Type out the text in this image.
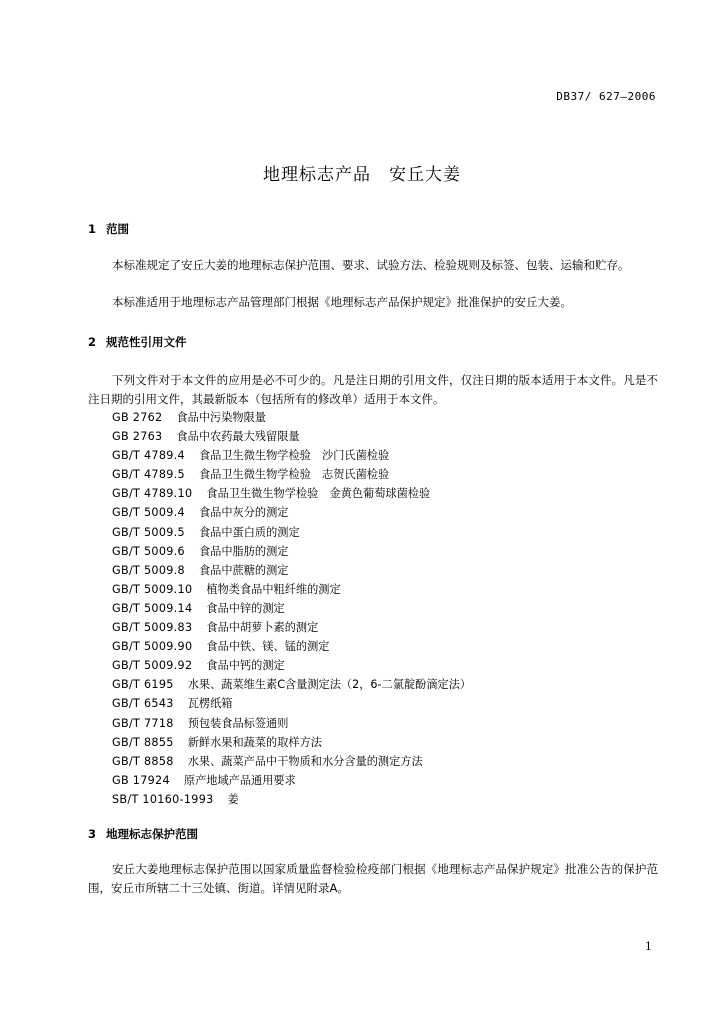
DB37/ 627—2006
地理标志产品　安丘大姜
1 范围
本标准规定了安丘大姜的地理标志保护范围、要求、试验方法、检验规则及标签、包装、运输和贮存。
本标准适用于地理标志产品管理部门根据《地理标志产品保护规定》批准保护的安丘大姜。
2 规范性引用文件
下列文件对于本文件的应用是必不可少的。凡是注日期的引用文件，仅注日期的版本适用于本文件。凡是不注日期的引用文件，其最新版本（包括所有的修改单）适用于本文件。
GB 2762 食品中污染物限量
GB 2763 食品中农药最大残留限量
GB/T 4789.4 食品卫生微生物学检验　沙门氏菌检验
GB/T 4789.5 食品卫生微生物学检验　志贺氏菌检验
GB/T 4789.10 食品卫生微生物学检验　金黄色葡萄球菌检验
GB/T 5009.4 食品中灰分的测定
GB/T 5009.5 食品中蛋白质的测定
GB/T 5009.6 食品中脂肪的测定
GB/T 5009.8 食品中蔗糖的测定
GB/T 5009.10 植物类食品中粗纤维的测定
GB/T 5009.14 食品中锌的测定
GB/T 5009.83 食品中胡萝卜素的测定
GB/T 5009.90 食品中铁、镁、锰的测定
GB/T 5009.92 食品中钙的测定
GB/T 6195 水果、蔬菜维生素C含量测定法（2，6-二氯靛酚滴定法）
GB/T 6543 瓦楞纸箱
GB/T 7718 预包装食品标签通则
GB/T 8855 新鲜水果和蔬菜的取样方法
GB/T 8858 水果、蔬菜产品中干物质和水分含量的测定方法
GB 17924 原产地域产品通用要求
SB/T 10160-1993 姜
3 地理标志保护范围
安丘大姜地理标志保护范围以国家质量监督检验检疫部门根据《地理标志产品保护规定》批准公告的保护范围，安丘市所辖二十三处镇、街道。详情见附录A。
1
